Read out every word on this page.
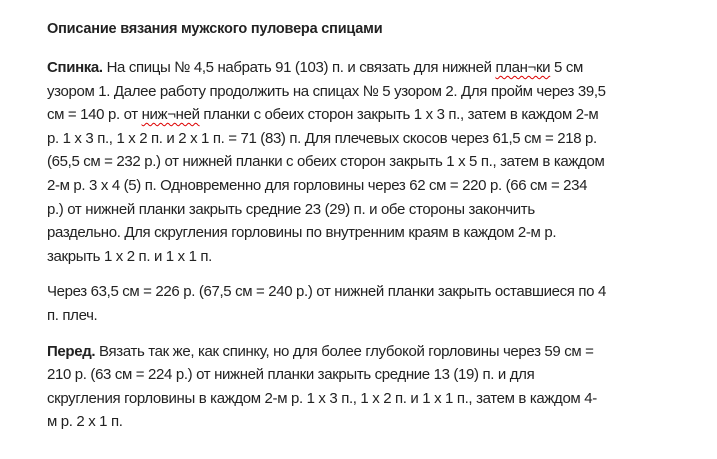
Описание вязания мужского пуловера спицами
Спинка. На спицы № 4,5 набрать 91 (103) п. и связать для нижней план¬ки 5 см
узором 1. Далее работу продолжить на спицах № 5 узором 2. Для пройм через 39,5
см = 140 р. от ниж¬ней планки с обеих сторон закрыть 1 х 3 п., затем в каждом 2-м
р. 1 х 3 п., 1 х 2 п. и 2 х 1 п. = 71 (83) п. Для плечевых скосов через 61,5 см = 218 р.
(65,5 см = 232 р.) от нижней планки с обеих сторон закрыть 1 х 5 п., затем в каждом
2-м р. 3 х 4 (5) п. Одновременно для горловины через 62 см = 220 р. (66 см = 234
р.) от нижней планки закрыть средние 23 (29) п. и обе стороны закончить
раздельно. Для скругления горловины по внутренним краям в каждом 2-м р.
закрыть 1 х 2 п. и 1 х 1 п.
Через 63,5 см = 226 р. (67,5 см = 240 р.) от нижней планки закрыть оставшиеся по 4
п. плеч.
Перед. Вязать так же, как спинку, но для более глубокой горловины через 59 см =
210 р. (63 см = 224 р.) от нижней планки закрыть средние 13 (19) п. и для
скругления горловины в каждом 2-м р. 1 х 3 п., 1 х 2 п. и 1 х 1 п., затем в каждом 4-
м р. 2 х 1 п.
